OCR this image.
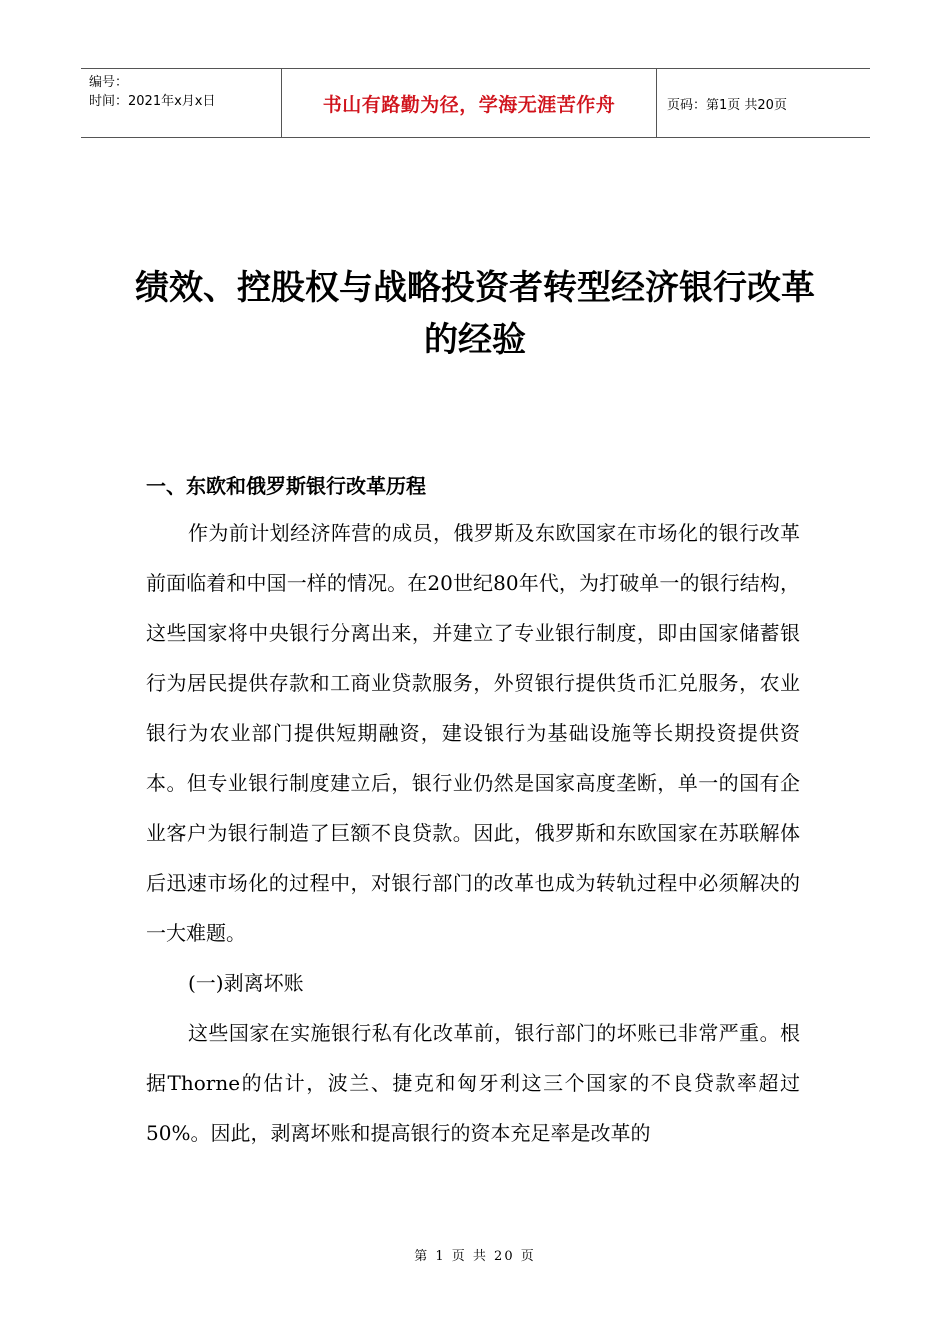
编号：
时间：2021年x月x日	书山有路勤为径，学海无涯苦作舟	页码：第1页 共20页
绩效、控股权与战略投资者转型经济银行改革的经验
一、东欧和俄罗斯银行改革历程
作为前计划经济阵营的成员，俄罗斯及东欧国家在市场化的银行改革前面临着和中国一样的情况。在20世纪80年代，为打破单一的银行结构，这些国家将中央银行分离出来，并建立了专业银行制度，即由国家储蓄银行为居民提供存款和工商业贷款服务，外贸银行提供货币汇兑服务，农业银行为农业部门提供短期融资，建设银行为基础设施等长期投资提供资本。但专业银行制度建立后，银行业仍然是国家高度垄断，单一的国有企业客户为银行制造了巨额不良贷款。因此，俄罗斯和东欧国家在苏联解体后迅速市场化的过程中，对银行部门的改革也成为转轨过程中必须解决的一大难题。
(一)剥离坏账
这些国家在实施银行私有化改革前，银行部门的坏账已非常严重。根据Thorne的估计，波兰、捷克和匈牙利这三个国家的不良贷款率超过50%。因此，剥离坏账和提高银行的资本充足率是改革的
第 1 页 共 20 页
